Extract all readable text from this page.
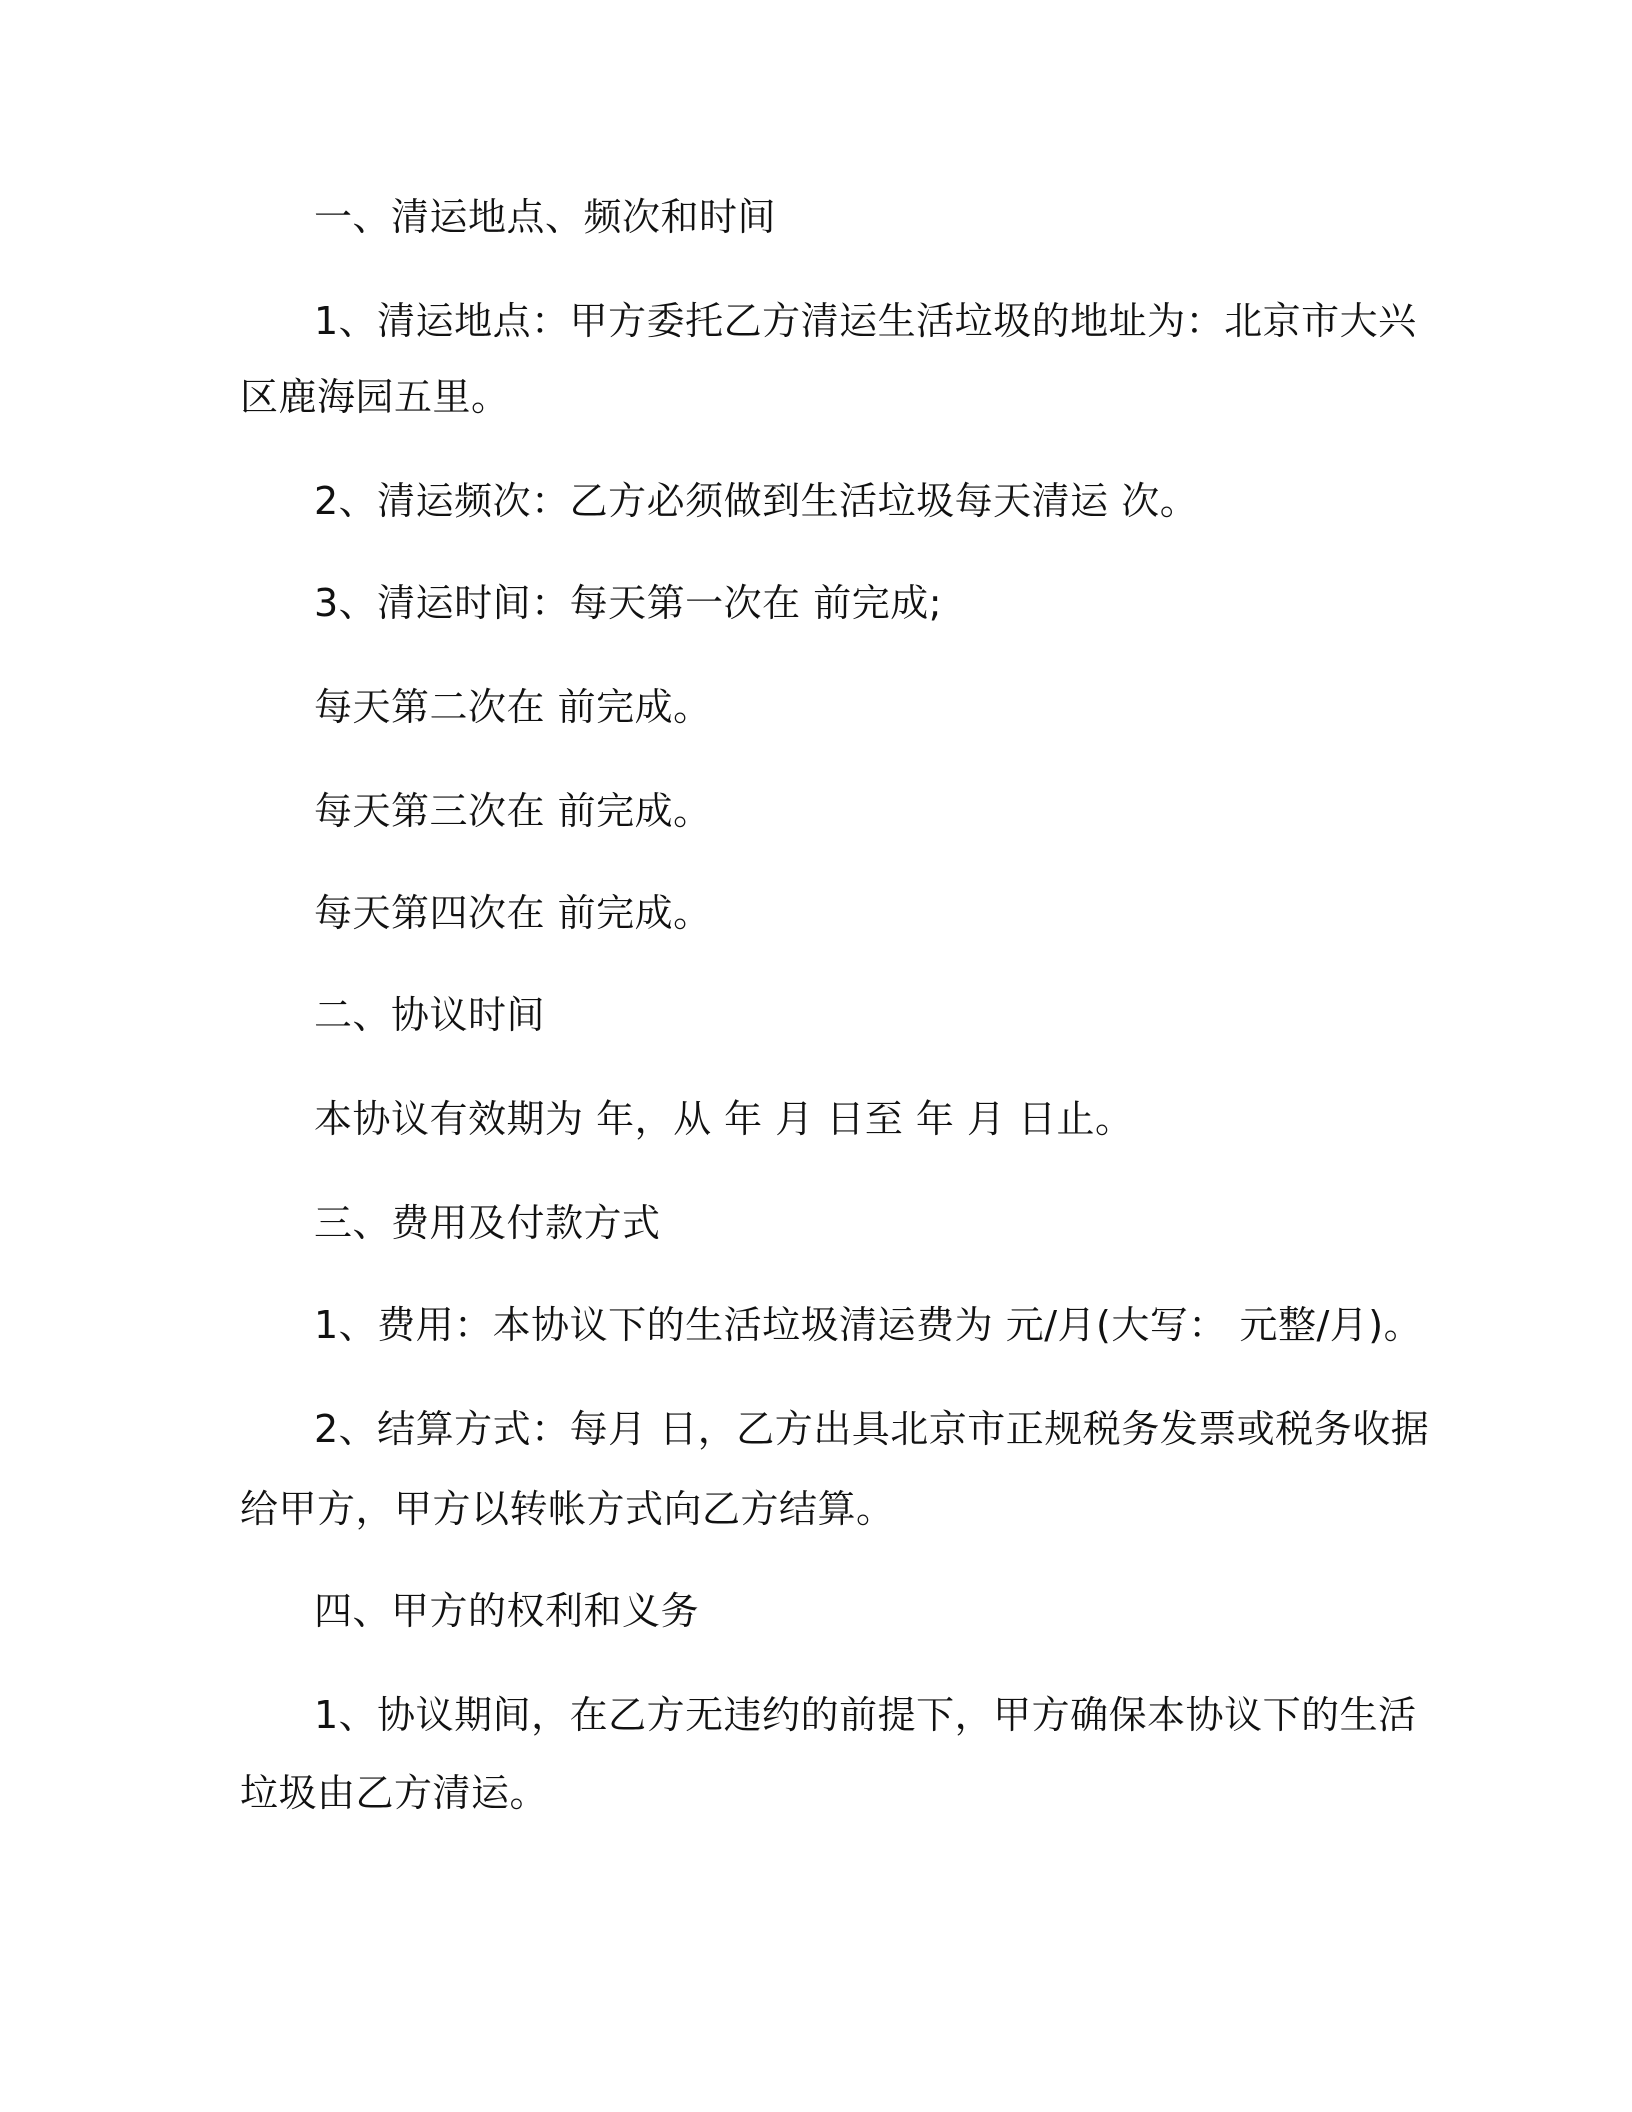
一、清运地点、频次和时间
1、清运地点：甲方委托乙方清运生活垃圾的地址为：北京市大兴
区鹿海园五里。
2、清运频次：乙方必须做到生活垃圾每天清运 次。
3、清运时间：每天第一次在 前完成;
每天第二次在 前完成。
每天第三次在 前完成。
每天第四次在 前完成。
二、协议时间
本协议有效期为 年，从 年 月 日至 年 月 日止。
三、费用及付款方式
1、费用：本协议下的生活垃圾清运费为 元/月(大写： 元整/月)。
2、结算方式：每月 日，乙方出具北京市正规税务发票或税务收据
给甲方，甲方以转帐方式向乙方结算。
四、甲方的权利和义务
1、协议期间，在乙方无违约的前提下，甲方确保本协议下的生活
垃圾由乙方清运。
